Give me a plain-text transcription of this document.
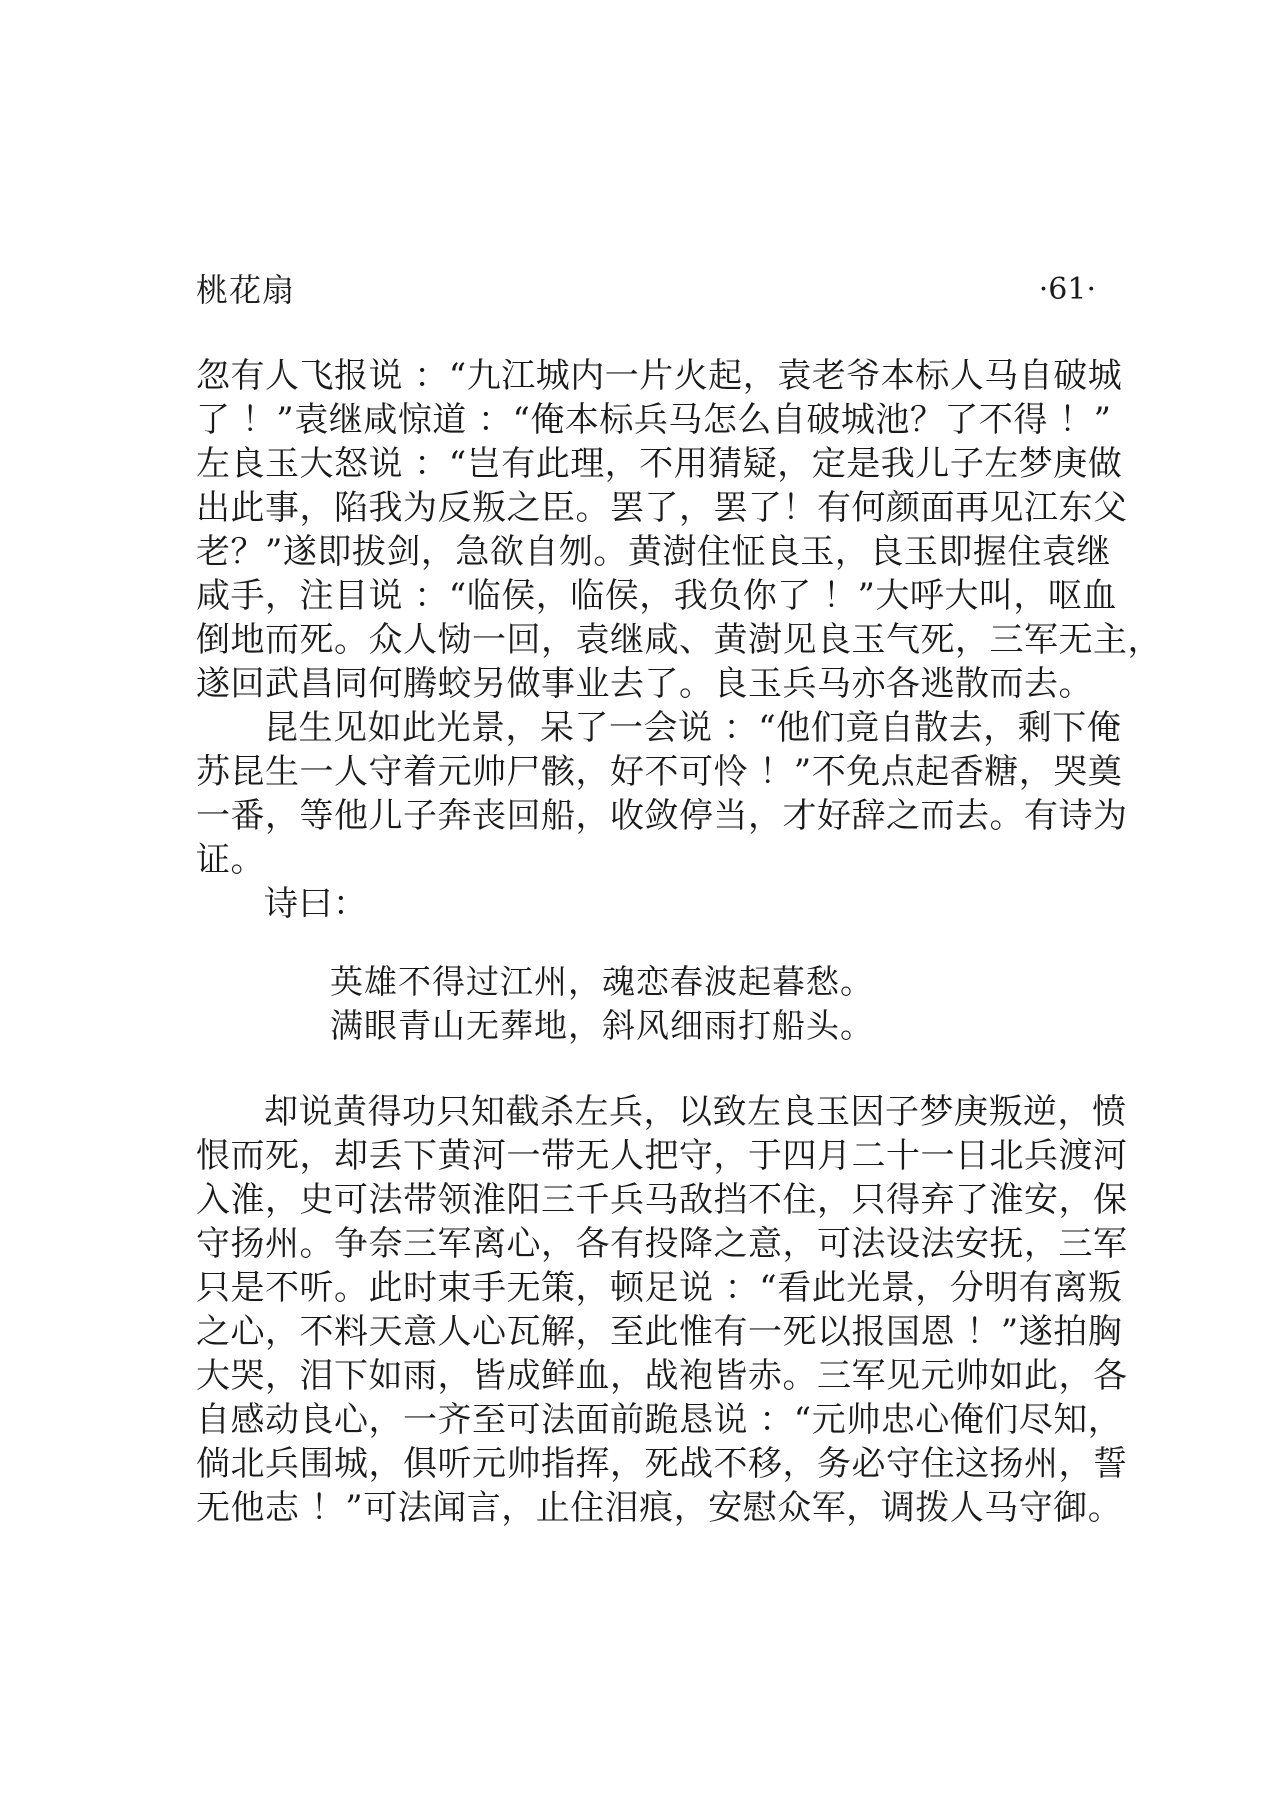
桃花扇	·61·
忽有人飞报说 ：“九江城内一片火起，袁老爷本标人马自破城
了 ！”袁继咸惊道 ：“俺本标兵马怎么自破城池？了不得 ！”
左良玉大怒说 ：“岂有此理，不用猜疑，定是我儿子左梦庚做
出此事，陷我为反叛之臣。罢了，罢了！有何颜面再见江东父
老？”遂即拔剑，急欲自刎。黄澍住怔良玉，良玉即握住袁继
咸手，注目说 ：“临侯，临侯，我负你了 ！”大呼大叫，呕血
倒地而死。众人恸一回，袁继咸、黄澍见良玉气死，三军无主，
遂回武昌同何腾蛟另做事业去了。良玉兵马亦各逃散而去。
昆生见如此光景，呆了一会说 ：“他们竟自散去，剩下俺
苏昆生一人守着元帅尸骸，好不可怜 ！”不免点起香糖，哭奠
一番，等他儿子奔丧回船，收敛停当，才好辞之而去。有诗为
证。
诗曰：
英雄不得过江州，魂恋春波起暮愁。
满眼青山无葬地，斜风细雨打船头。
却说黄得功只知截杀左兵，以致左良玉因子梦庚叛逆，愤
恨而死，却丢下黄河一带无人把守，于四月二十一日北兵渡河
入淮，史可法带领淮阳三千兵马敌挡不住，只得弃了淮安，保
守扬州。争奈三军离心，各有投降之意，可法设法安抚，三军
只是不听。此时束手无策，顿足说 ：“看此光景，分明有离叛
之心，不料天意人心瓦解，至此惟有一死以报国恩 ！”遂拍胸
大哭，泪下如雨，皆成鲜血，战袍皆赤。三军见元帅如此，各
自感动良心，一齐至可法面前跪恳说 ：“元帅忠心俺们尽知，
倘北兵围城，俱听元帅指挥，死战不移，务必守住这扬州，誓
无他志 ！”可法闻言，止住泪痕，安慰众军，调拨人马守御。
